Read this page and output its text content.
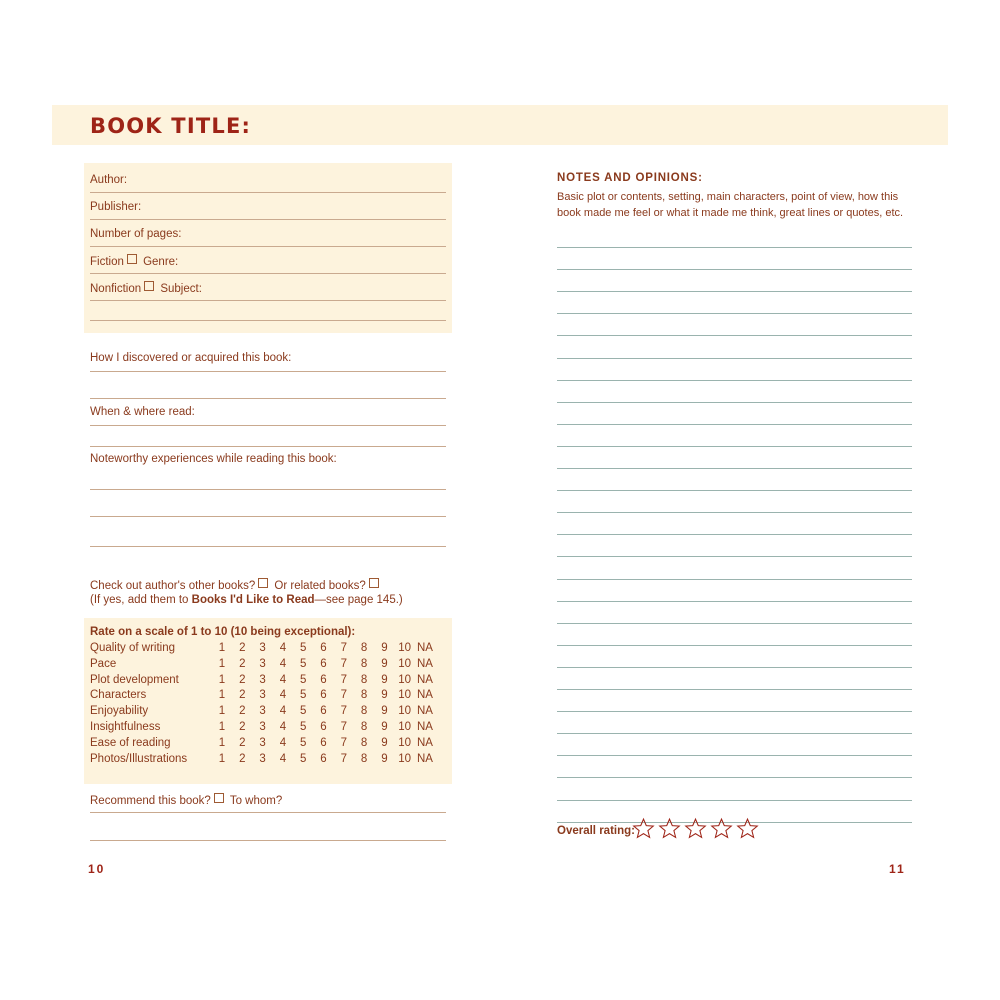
BOOK TITLE:
Author:
Publisher:
Number of pages:
Fiction Genre:
Nonfiction Subject:
How I discovered or acquired this book:
When & where read:
Noteworthy experiences while reading this book:
Check out author's other books? Or related books?
(If yes, add them to Books I'd Like to Read—see page 145.)
Rate on a scale of 1 to 10 (10 being exceptional):
Quality of writing	1	2	3	4	5	6	7	8	9 10 NA
Pace	1	2	3	4	5	6	7	8	9 10 NA
Plot development	1	2	3	4	5	6	7	8	9 10 NA
Characters	1	2	3	4	5	6	7	8	9 10 NA
Enjoyability	1	2	3	4	5	6	7	8	9 10 NA
Insightfulness	1	2	3	4	5	6	7	8	9 10 NA
Ease of reading	1	2	3	4	5	6	7	8	9 10 NA
Photos/Illustrations	1	2	3	4	5	6	7	8	9 10 NA
Recommend this book? To whom?
NOTES AND OPINIONS:
Basic plot or contents, setting, main characters, point of view, how this book made me feel or what it made me think, great lines or quotes, etc.
Overall rating:
10	11
